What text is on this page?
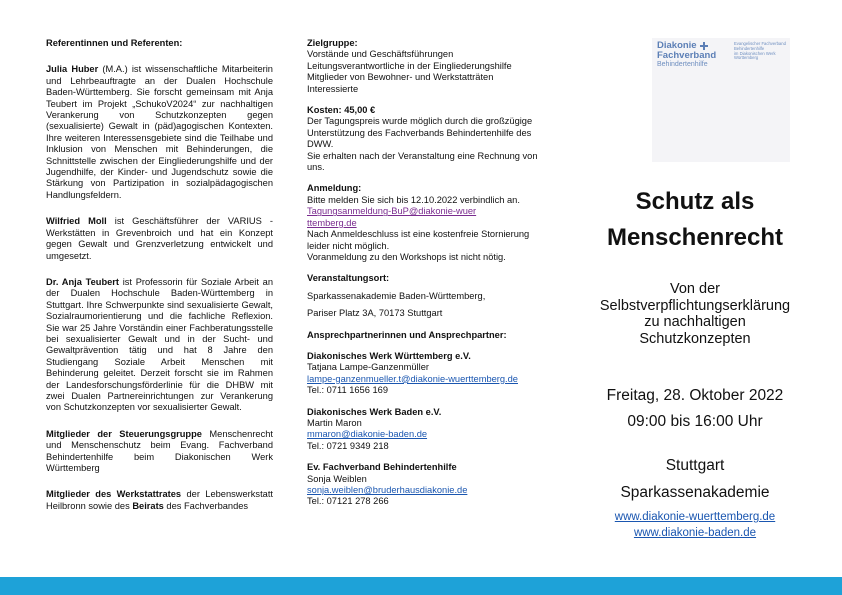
Referentinnen und Referenten:

Julia Huber (M.A.) ist wissenschaftliche Mitarbeiterin und Lehrbeauftragte an der Dualen Hochschule Baden-Württemberg. Sie forscht gemeinsam mit Anja Teubert im Projekt „SchukoV2024“ zur nachhaltigen Verankerung von Schutzkonzepten gegen (sexualisierte) Gewalt in (päd)agogischen Kontexten. Ihre weiteren Interessensgebiete sind die Teilhabe und Inklusion von Menschen mit Behinderungen, die Schnittstelle zwischen der Eingliederungshilfe und der Jugendhilfe, der Kinder- und Jugendschutz sowie die Stärkung von Partizipation in sozialpädagogischen Handlungsfeldern.

Wilfried Moll ist Geschäftsführer der VARIUS - Werkstätten in Grevenbroich und hat ein Konzept gegen Gewalt und Grenzverletzung entwickelt und umgesetzt.

Dr. Anja Teubert ist Professorin für Soziale Arbeit an der Dualen Hochschule Baden-Württemberg in Stuttgart. Ihre Schwerpunkte sind sexualisierte Gewalt, Sozialraumorientierung und die fachliche Reflexion. Sie war 25 Jahre Vorständin einer Fachberatungsstelle bei sexualisierter Gewalt und in der Sucht- und Gewaltprävention tätig und hat 8 Jahre den Studiengang Soziale Arbeit Menschen mit Behinderung geleitet. Derzeit forscht sie im Rahmen der Landesforschungsförderlinie für die DHBW mit zwei Dualen Partnereinrichtungen zur Verankerung von Schutzkonzepten vor sexualisierter Gewalt.

Mitglieder der Steuerungsgruppe Menschenrecht und Menschenschutz beim Evang. Fachverband Behindertenhilfe beim Diakonischen Werk Württemberg

Mitglieder des Werkstattrates der Lebenswerkstatt Heilbronn sowie des Beirats des Fachverbandes

Zielgruppe:
Vorstände und Geschäftsführungen
Leitungsverantwortliche in der Eingliederungshilfe
Mitglieder von Bewohner- und Werkstatträten
Interessierte
Kosten: 45,00 €
Der Tagungspreis wurde möglich durch die großzügige Unterstützung des Fachverbands Behindertenhilfe des DWW.
Sie erhalten nach der Veranstaltung eine Rechnung von uns.
Anmeldung:
Bitte melden Sie sich bis 12.10.2022 verbindlich an.
Tagungsanmeldung-BuP@diakonie-wuerttemberg.de
Nach Anmeldeschluss ist eine kostenfreie Stornierung leider nicht möglich.
Voranmeldung zu den Workshops ist nicht nötig.
Veranstaltungsort:
Sparkassenakademie Baden-Württemberg,
Pariser Platz 3A, 70173 Stuttgart
Ansprechpartnerinnen und Ansprechpartner:
Diakonisches Werk Württemberg e.V.
Tatjana Lampe-Ganzenmüller
lampe-ganzenmueller.t@diakonie-wuerttemberg.de
Tel.: 0711 1656 169
Diakonisches Werk Baden e.V.
Martin Maron
mmaron@diakonie-baden.de
Tel.: 0721 9349 218
Ev. Fachverband Behindertenhilfe
Sonja Weiblen
sonja.weiblen@bruderhausdiakonie.de
Tel.: 07121 278 266
Diakonie
Fachverband
Behindertenhilfe
Evangelischer Fachverband
Behindertenhilfe
im Diakonischen Werk
Württemberg
Schutz als
Menschenrecht
Von der
Selbstverpflichtungserklärung
zu nachhaltigen
Schutzkonzepten
Freitag, 28. Oktober 2022
09:00 bis 16:00 Uhr
Stuttgart
Sparkassenakademie
www.diakonie-wuerttemberg.de
www.diakonie-baden.de
